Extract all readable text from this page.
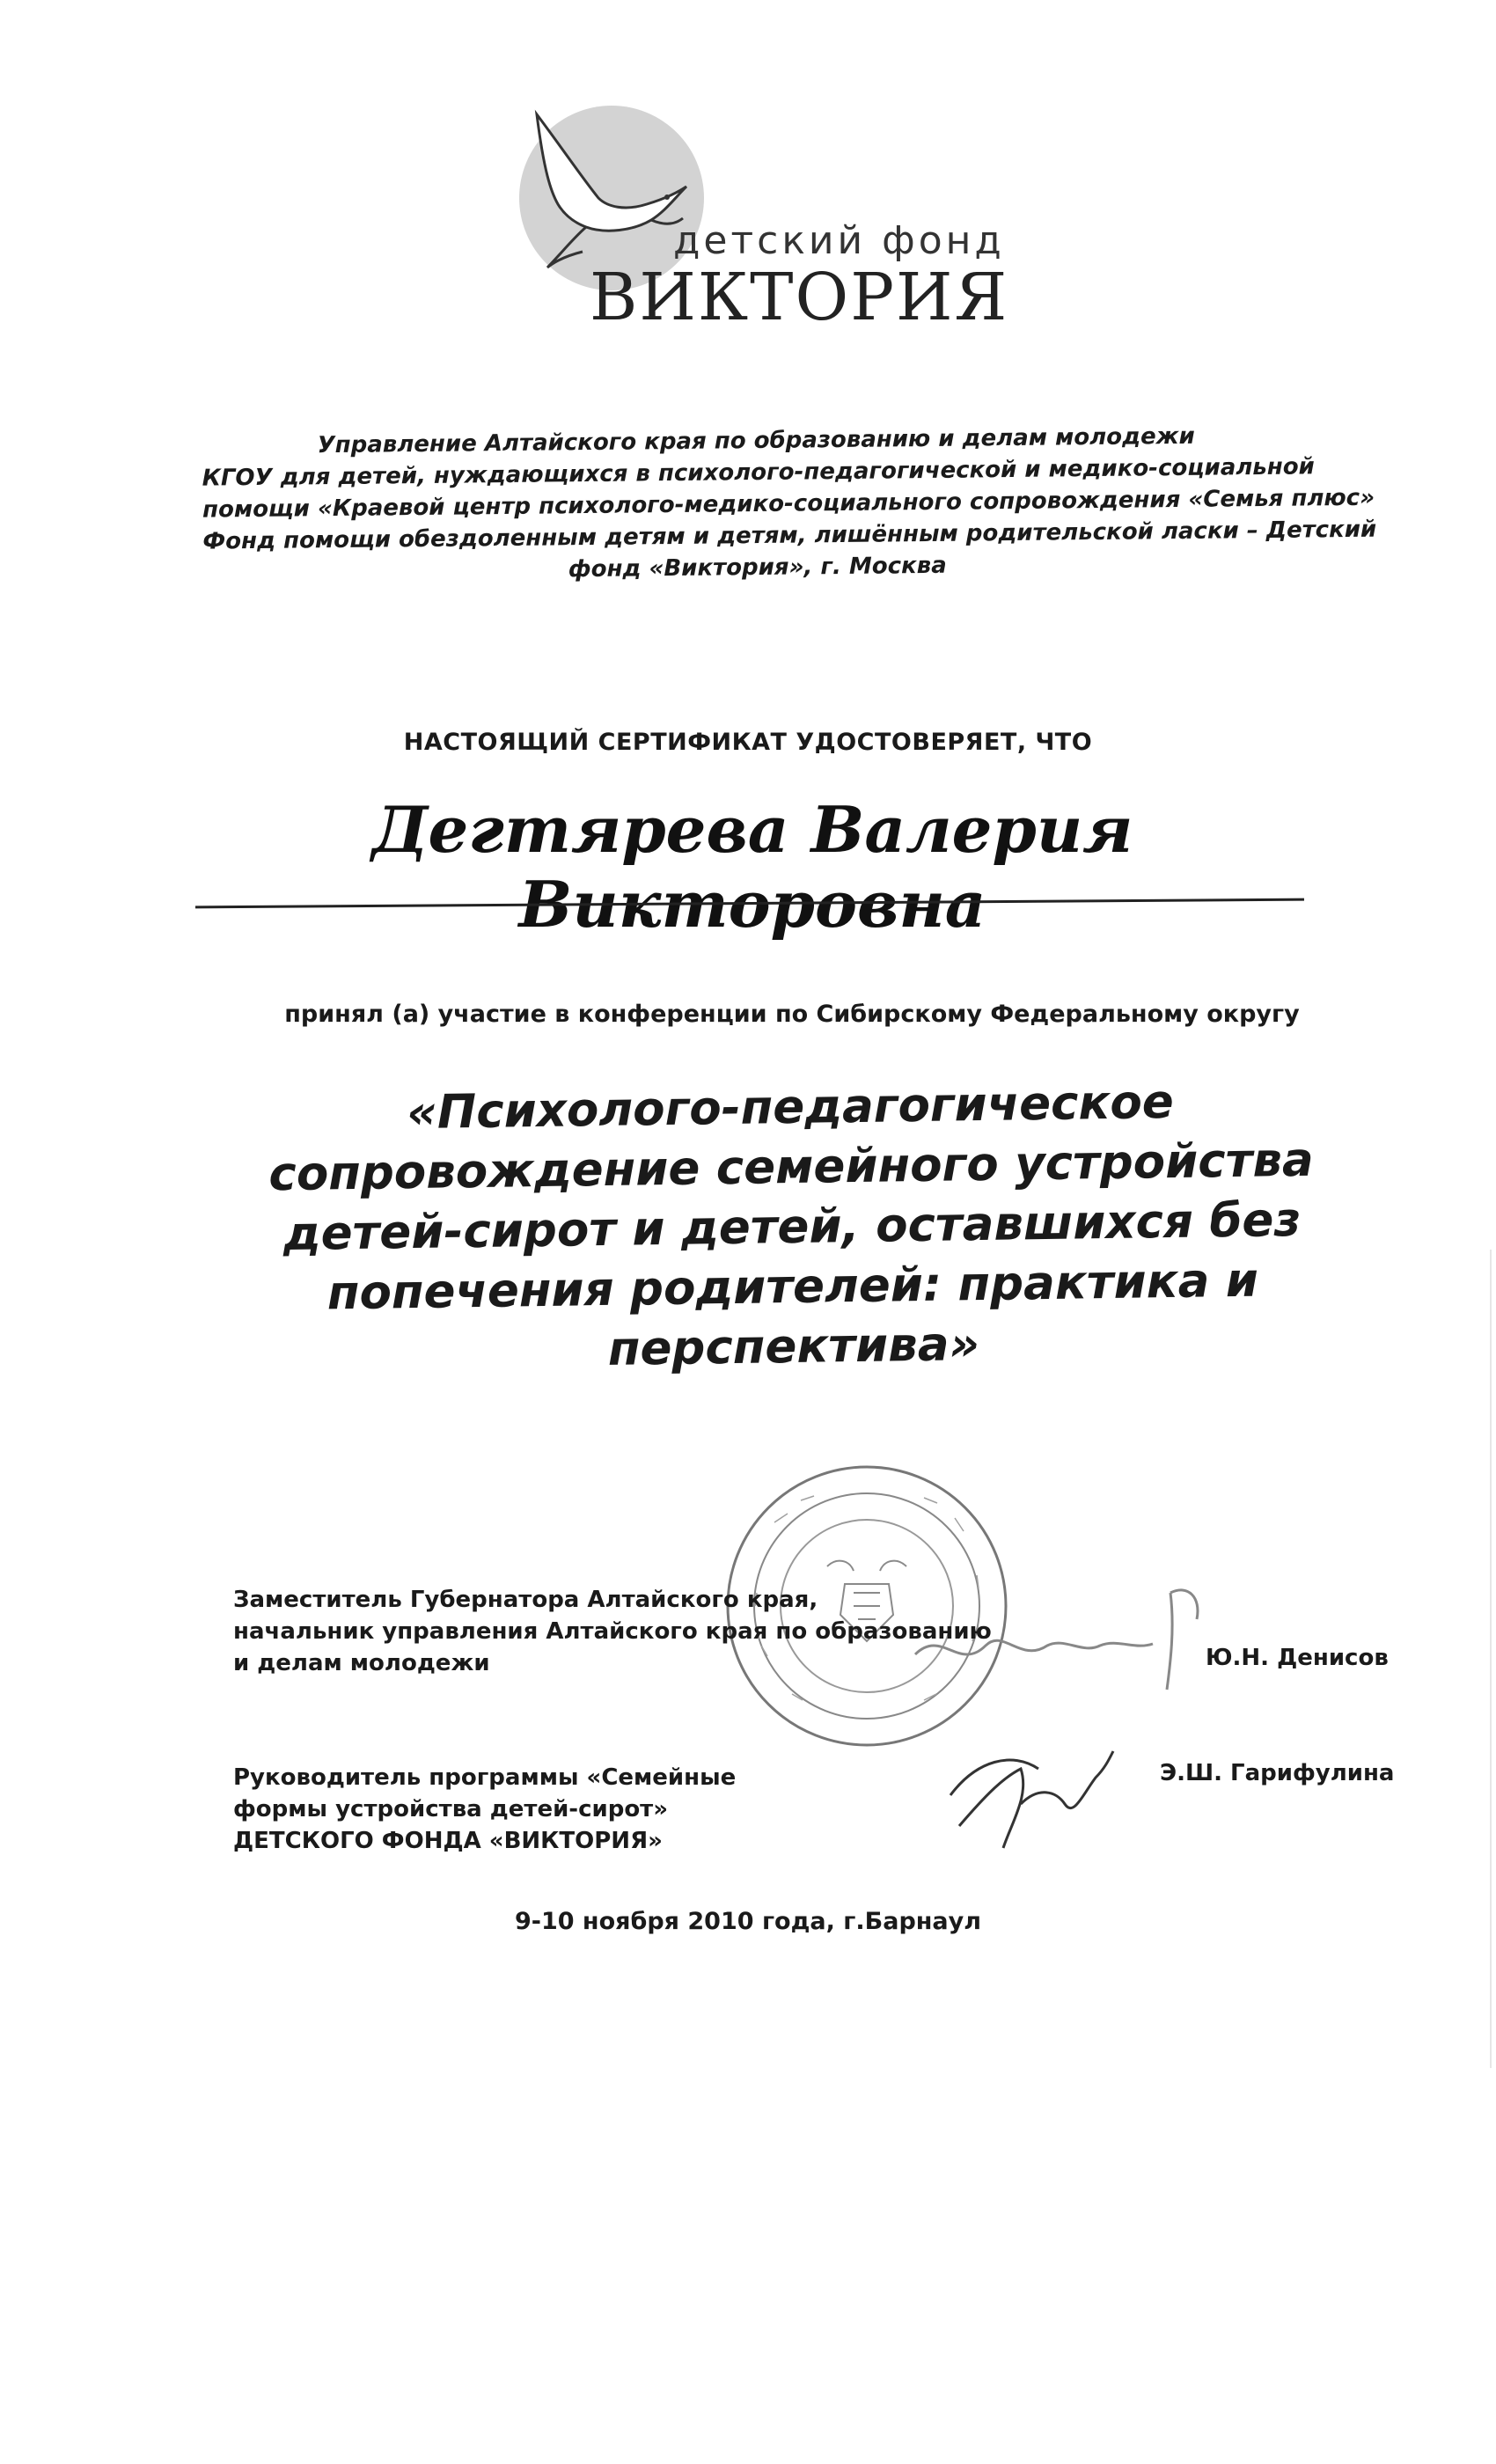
детский фонд
ВИКТОРИЯ
Управление Алтайского края по образованию и делам молодежи
КГОУ для детей, нуждающихся в психолого-педагогической и медико-социальной
помощи «Краевой центр психолого-медико-социального сопровождения «Семья плюс»
Фонд помощи обездоленным детям и детям, лишённым родительской ласки – Детский
фонд «Виктория», г. Москва
НАСТОЯЩИЙ СЕРТИФИКАТ УДОСТОВЕРЯЕТ, ЧТО
Дегтярева Валерия Викторовна
принял (а) участие в конференции по Сибирскому Федеральному округу
«Психолого-педагогическое
сопровождение семейного устройства
детей-сирот и детей, оставшихся без
попечения родителей: практика и
перспектива»
Заместитель Губернатора Алтайского края,
начальник управления Алтайского края по образованию
и делам молодежи	Ю.Н. Денисов
Руководитель программы «Семейные
формы устройства детей-сирот»
ДЕТСКОГО ФОНДА «ВИКТОРИЯ»
Э.Ш. Гарифулина
9-10 ноября 2010 года, г.Барнаул
